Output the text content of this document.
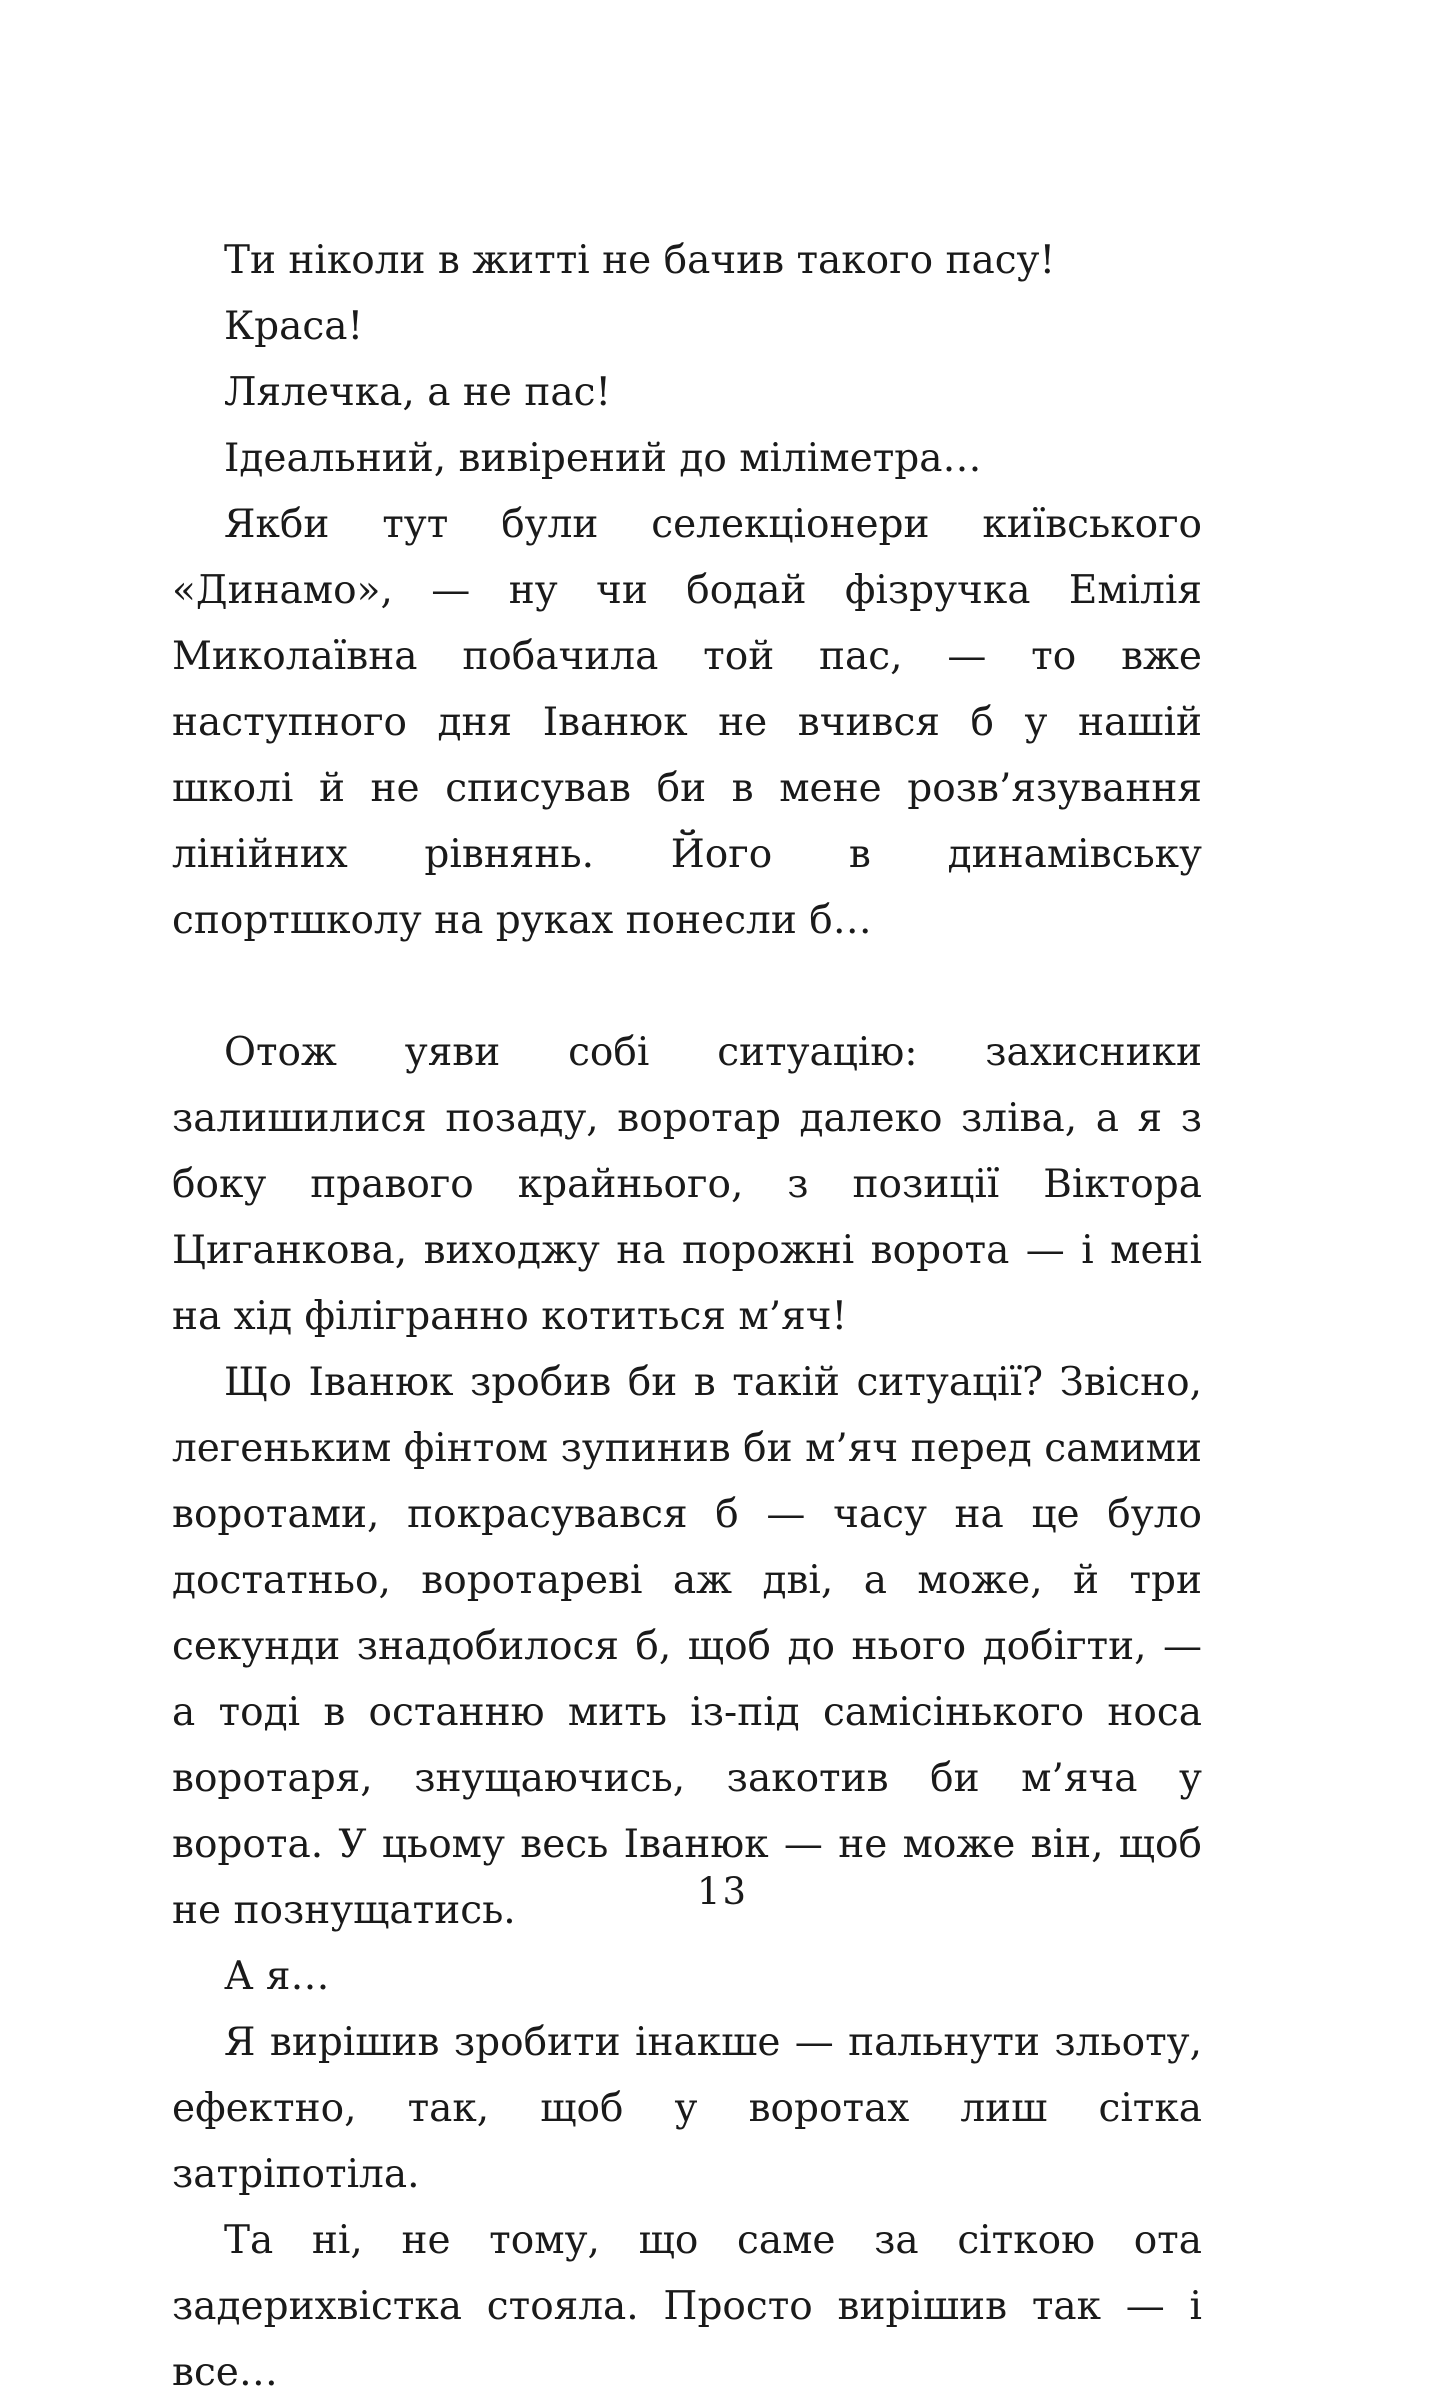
Ти ніколи в житті не бачив такого пасу!

Краса!

Лялечка, а не пас!

Ідеальний, вивірений до міліметра…

Якби тут були селекціонери київського «Динамо», — ну чи бодай фізручка Емілія Миколаївна побачила той пас, — то вже наступного дня Іванюк не вчився б у нашій школі й не списував би в мене розв’язування лінійних рівнянь. Його в динамівську спортшколу на руках понесли б…

Отож уяви собі ситуацію: захисники залишилися позаду, воротар далеко зліва, а я з боку правого крайнього, з позиції Віктора Циганкова, виходжу на порожні ворота — і мені на хід філігранно котиться м’яч!

Що Іванюк зробив би в такій ситуації? Звісно, легеньким фінтом зупинив би м’яч перед самими воротами, покрасувався б — часу на це було достатньо, воротареві аж дві, а може, й три секунди знадобилося б, щоб до нього добігти, — а тоді в останню мить із-під самісінького носа воротаря, знущаючись, закотив би м’яча у ворота. У цьому весь Іванюк — не може він, щоб не познущатись.

А я…

Я вирішив зробити інакше — пальнути зльоту, ефектно, так, щоб у воротах лиш сітка затріпотіла.

Та ні, не тому, що саме за сіткою ота задерихвістка стояла. Просто вирішив так — і все…

13
